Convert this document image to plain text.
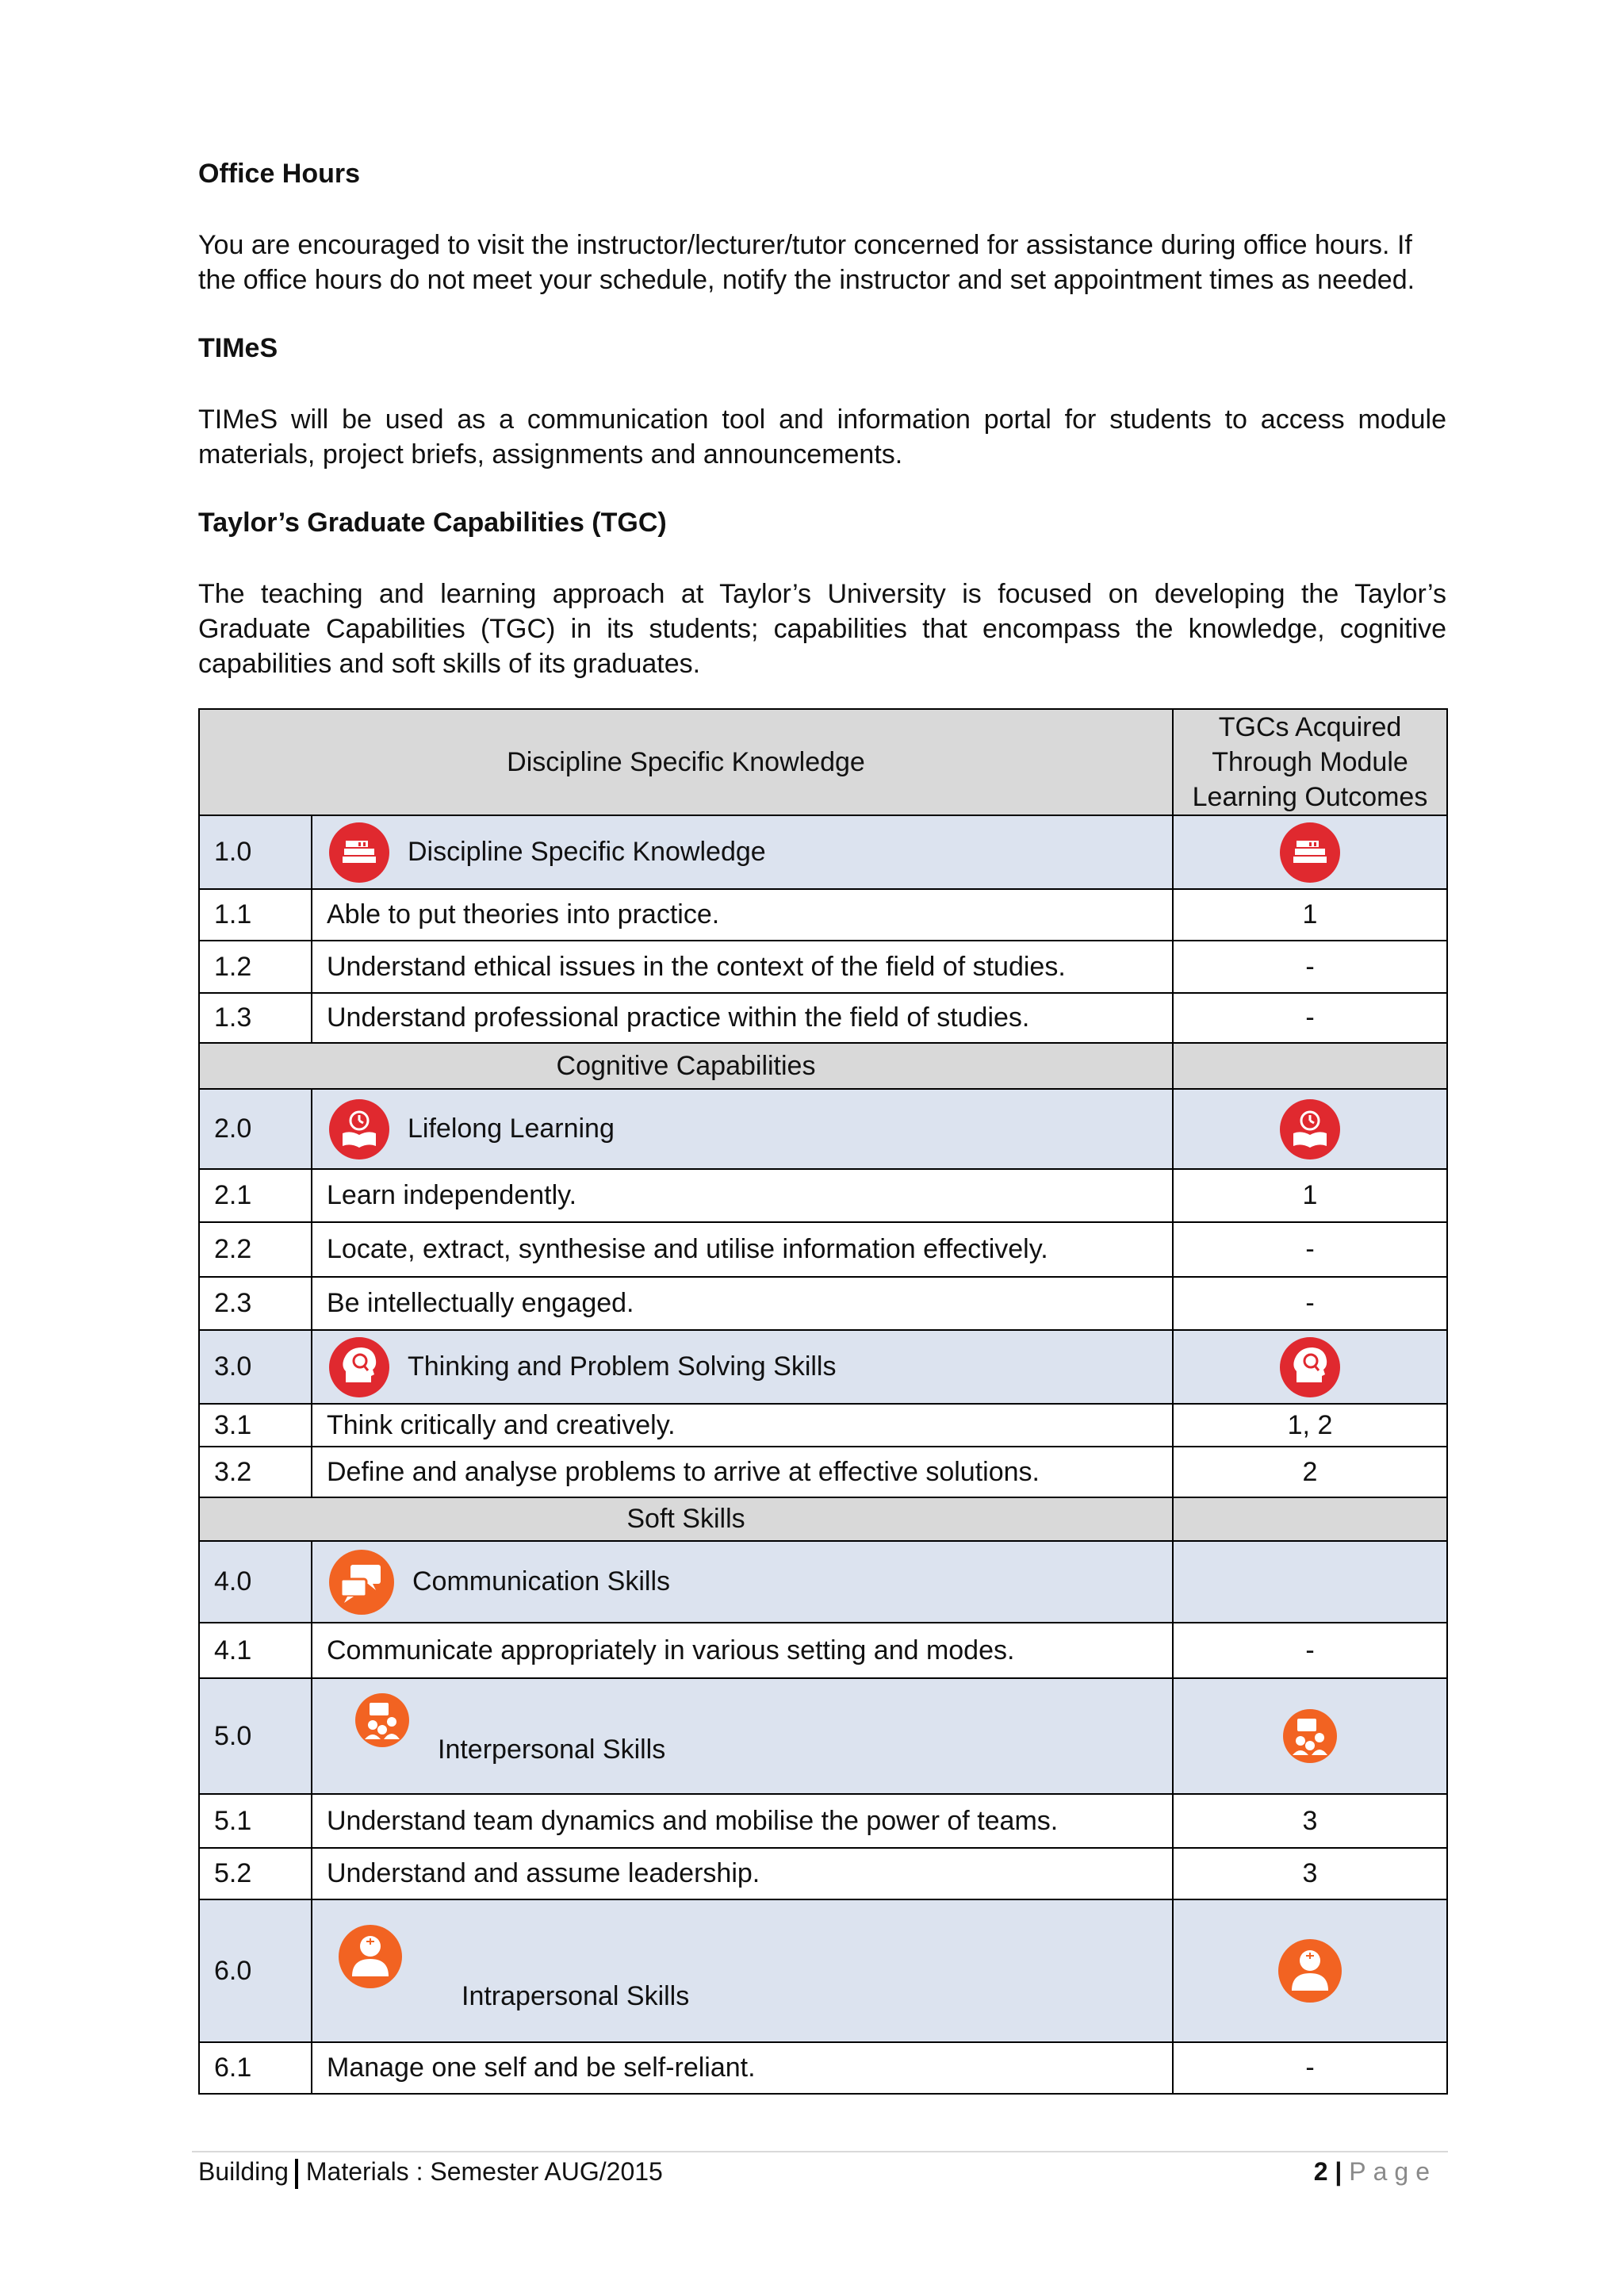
Office Hours
You are encouraged to visit the instructor/lecturer/tutor concerned for assistance during office hours. If the office hours do not meet your schedule, notify the instructor and set appointment times as needed.
TIMeS
TIMeS will be used as a communication tool and information portal for students to access module materials, project briefs, assignments and announcements.
Taylor’s Graduate Capabilities (TGC)
The teaching and learning approach at Taylor’s University is focused on developing the Taylor’s Graduate Capabilities (TGC) in its students; capabilities that encompass the knowledge, cognitive capabilities and soft skills of its graduates.
Discipline Specific Knowledge		TGCs Acquired
Through Module
Learning Outcomes

1.0	Discipline Specific Knowledge

1.1	Able to put theories into practice.	1
1.2	Understand ethical issues in the context of the field of studies.	-
1.3	Understand professional practice within the field of studies.	-
Cognitive Capabilities		
2.0	Lifelong Learning

2.1	Learn independently.	1
2.2	Locate, extract, synthesise and utilise information effectively.	-
2.3	Be intellectually engaged.	-
3.0	Thinking and Problem Solving Skills

3.1	Think critically and creatively.	1, 2
3.2	Define and analyse problems to arrive at effective solutions.	2
Soft Skills		
4.0	Communication Skills	

4.1	Communicate appropriately in various setting and modes.	-
5.0	Interpersonal Skills

5.1	Understand team dynamics and mobilise the power of teams.	3
5.2	Understand and assume leadership.	3
6.0	Intrapersonal Skills

6.1	Manage one self and be self-reliant.	-
Building Materials : Semester AUG/2015	2 | Page
